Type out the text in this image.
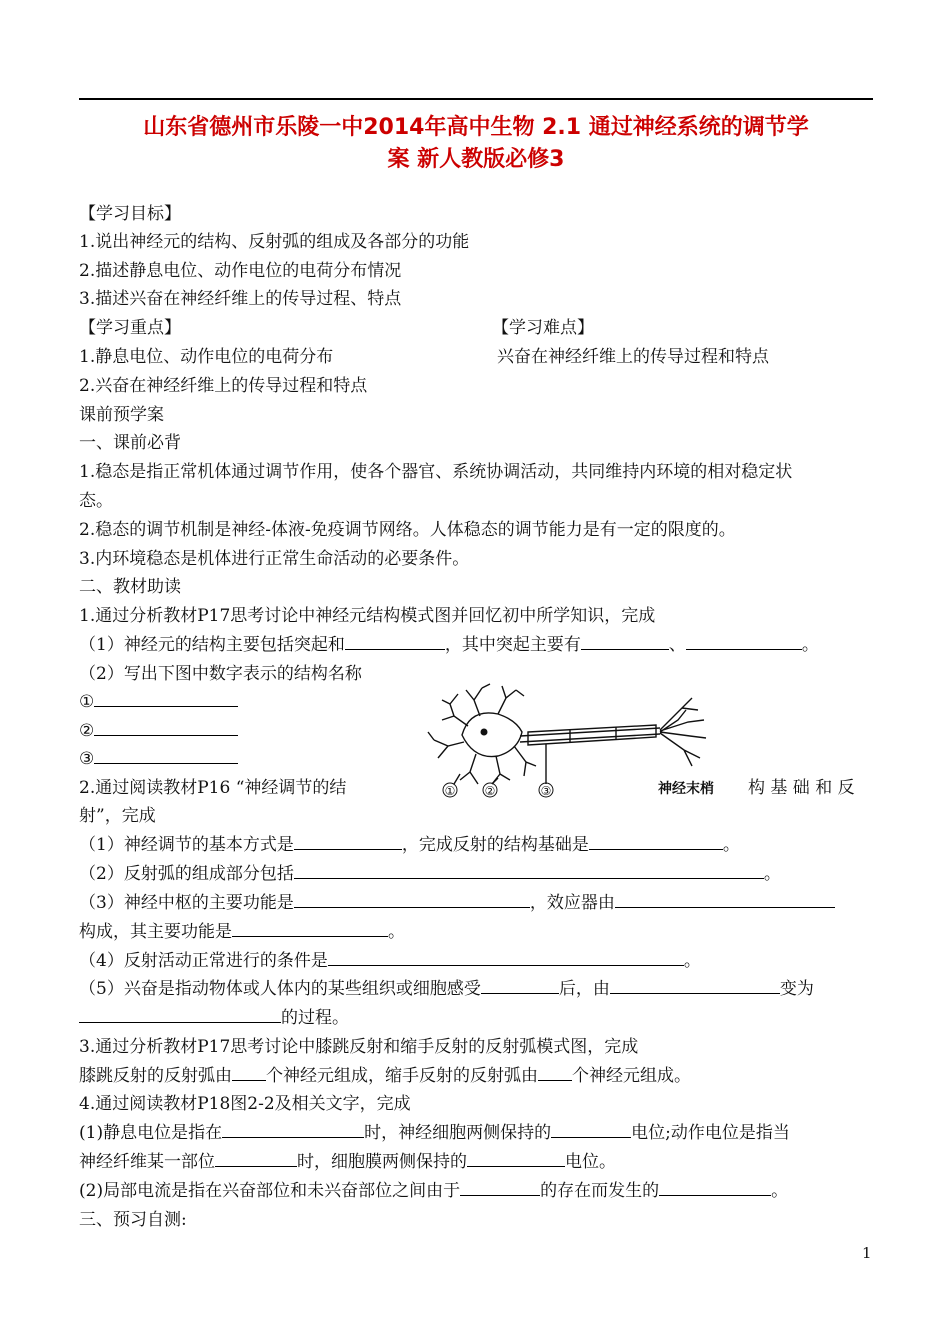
山东省德州市乐陵一中2014年高中生物 2.1 通过神经系统的调节学
案 新人教版必修3
【学习目标】
1.说出神经元的结构、反射弧的组成及各部分的功能
2.描述静息电位、动作电位的电荷分布情况
3.描述兴奋在神经纤维上的传导过程、特点
【学习重点】	【学习难点】
1.静息电位、动作电位的电荷分布	兴奋在神经纤维上的传导过程和特点
2.兴奋在神经纤维上的传导过程和特点
课前预学案
一、课前必背
1.稳态是指正常机体通过调节作用，使各个器官、系统协调活动，共同维持内环境的相对稳定状
态。
2.稳态的调节机制是神经-体液-免疫调节网络。人体稳态的调节能力是有一定的限度的。
3.内环境稳态是机体进行正常生命活动的必要条件。
二、教材助读
1.通过分析教材P17思考讨论中神经元结构模式图并回忆初中所学知识，完成
（1）神经元的结构主要包括突起和	，其中突起主要有	、	。
（2）写出下图中数字表示的结构名称
①
②
③
① ②	③	神经末梢
2.通过阅读教材P16 “神经调节的结	构 基 础 和 反
射”，完成
（1）神经调节的基本方式是	，完成反射的结构基础是	。
（2）反射弧的组成部分包括	。
（3）神经中枢的主要功能是	，效应器由
构成，其主要功能是	。
（4）反射活动正常进行的条件是	。
（5）兴奋是指动物体或人体内的某些组织或细胞感受	后，由	变为
的过程。
3.通过分析教材P17思考讨论中膝跳反射和缩手反射的反射弧模式图，完成
膝跳反射的反射弧由 个神经元组成，缩手反射的反射弧由 个神经元组成。
4.通过阅读教材P18图2-2及相关文字，完成
(1)静息电位是指在	时，神经细胞两侧保持的	电位;动作电位是指当
神经纤维某一部位	时，细胞膜两侧保持的	电位。
(2)局部电流是指在兴奋部位和未兴奋部位之间由于	的存在而发生的	。
三、预习自测:
1
